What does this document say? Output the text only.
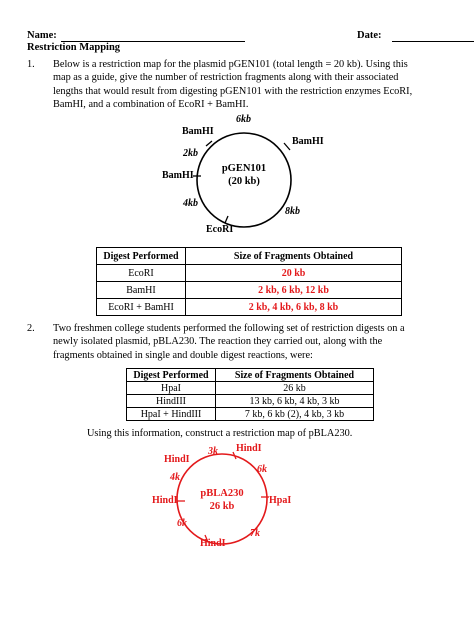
Name:	Date:
Restriction Mapping
1. Below is a restriction map for the plasmid pGEN101 (total length = 20 kb). Using this
map as a guide, give the number of restriction fragments along with their associated
lengths that would result from digesting pGEN101 with the restriction enzymes EcoRI,
BamHI, and a combination of EcoRI + BamHI.
6kb
BamHI
BamHI
2kb
BamHI
4kb
8kb
EcoRI
pGEN101
(20 kb)
Digest Performed	Size of Fragments Obtained
EcoRI	20 kb
BamHI	2 kb, 6 kb, 12 kb
EcoRI + BamHI	2 kb, 4 kb, 6 kb, 8 kb
2. Two freshmen college students performed the following set of restriction digests on a
newly isolated plasmid, pBLA230. The reaction they carried out, along with the
fragments obtained in single and double digest reactions, were:
Digest Performed	Size of Fragments Obtained
HpaI	26 kb
HindIII	13 kb, 6 kb, 4 kb, 3 kb
HpaI + HindIII	7 kb, 6 kb (2), 4 kb, 3 kb
Using this information, construct a restriction map of pBLA230.
3k HindI
HindI
6k
4k
HindI	HpaI
6k
7k
HindI
pBLA230
26 kb
